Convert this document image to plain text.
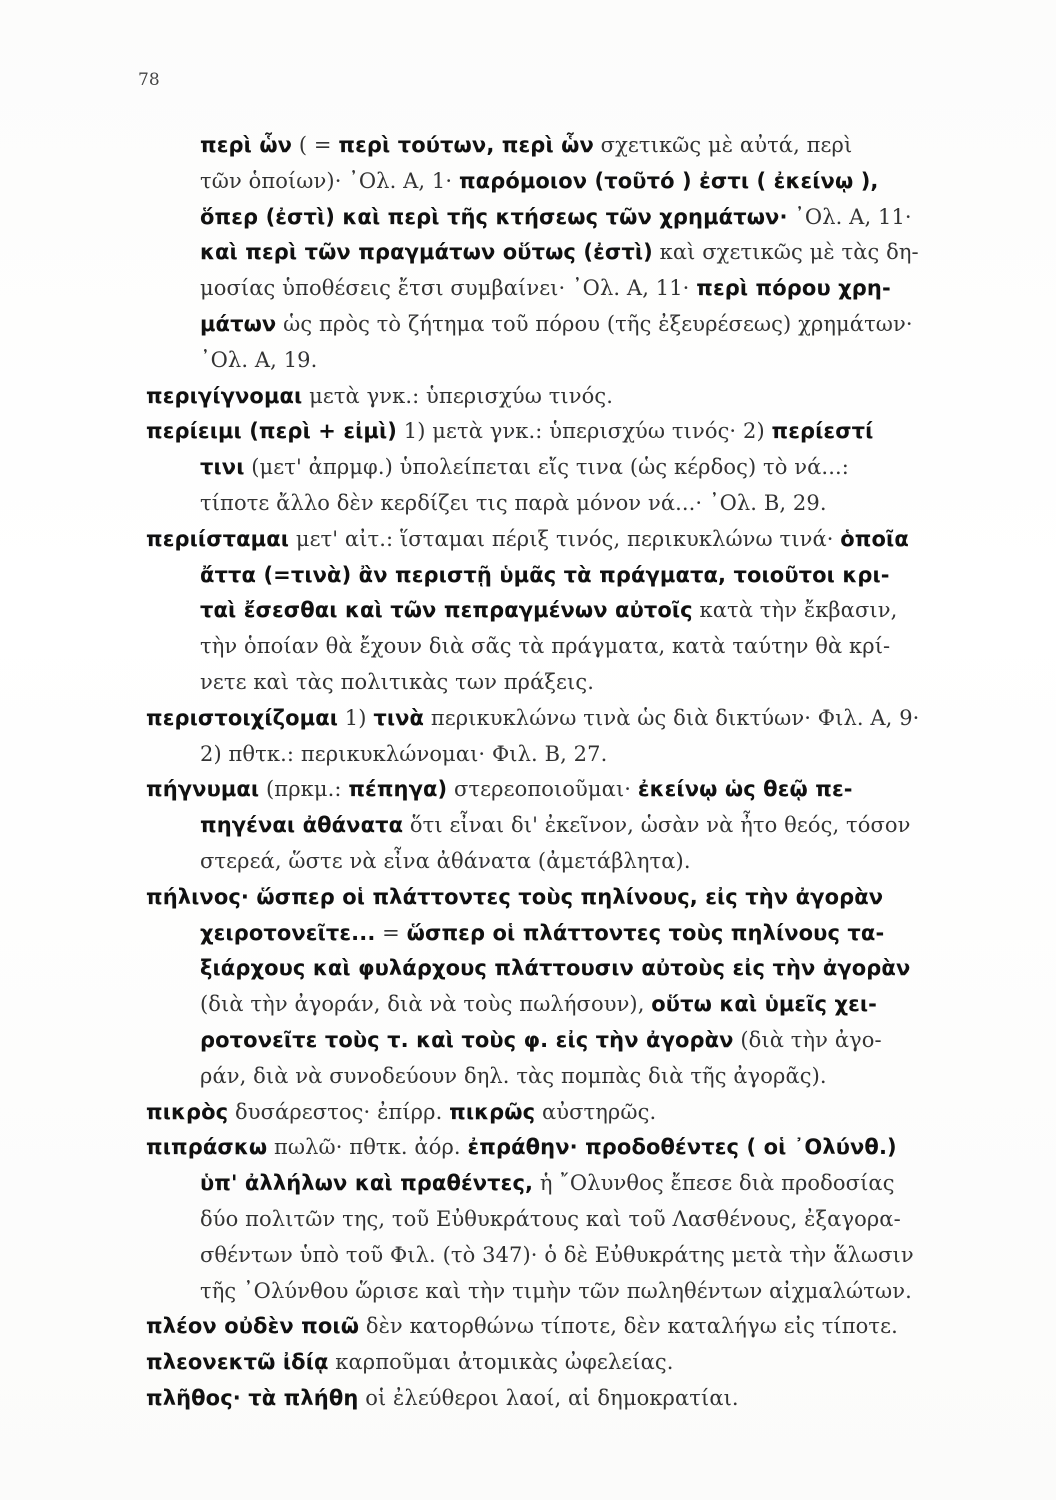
78
περὶ ὧν ( = περὶ τούτων, περὶ ὧν σχετικῶς μὲ αὐτά, περὶ
τῶν ὁποίων)· ᾽Ολ. Α, 1· παρόμοιον (τοῦτό ) ἐστι ( ἐκείνῳ ),
ὅπερ (ἐστὶ) καὶ περὶ τῆς κτήσεως τῶν χρημάτων· ᾽Ολ. Α, 11·
καὶ περὶ τῶν πραγμάτων οὕτως (ἐστὶ) καὶ σχετικῶς μὲ τὰς δη-
μοσίας ὑποθέσεις ἔτσι συμβαίνει· ᾽Ολ. Α, 11· περὶ πόρου χρη-
μάτων ὡς πρὸς τὸ ζήτημα τοῦ πόρου (τῆς ἐξευρέσεως) χρημάτων·
᾽Ολ. Α, 19.
περιγίγνομαι μετὰ γνκ.: ὑπερισχύω τινός.
περίειμι (περὶ + εἰμὶ) 1) μετὰ γνκ.: ὑπερισχύω τινός· 2) περίεστί
τινι (μετ' ἀπρμφ.) ὑπολείπεται εἴς τινα (ὡς κέρδος) τὸ νά...:
τίποτε ἄλλο δὲν κερδίζει τις παρὰ μόνον νά...· ᾽Ολ. Β, 29.
περιίσταμαι μετ' αἰτ.: ἵσταμαι πέριξ τινός, περικυκλώνω τινά· ὁποῖα
ἄττα (=τινὰ) ἂν περιστῇ ὑμᾶς τὰ πράγματα, τοιοῦτοι κρι-
ταὶ ἔσεσθαι καὶ τῶν πεπραγμένων αὐτοῖς κατὰ τὴν ἔκβασιν,
τὴν ὁποίαν θὰ ἔχουν διὰ σᾶς τὰ πράγματα, κατὰ ταύτην θὰ κρί-
νετε καὶ τὰς πολιτικὰς των πράξεις.
περιστοιχίζομαι 1) τινὰ περικυκλώνω τινὰ ὡς διὰ δικτύων· Φιλ. Α, 9·
2) πθτκ.: περικυκλώνομαι· Φιλ. Β, 27.
πήγνυμαι (πρκμ.: πέπηγα) στερεοποιοῦμαι· ἐκείνῳ ὡς θεῷ πε-
πηγέναι ἀθάνατα ὅτι εἶναι δι' ἐκεῖνον, ὡσὰν νὰ ἦτο θεός, τόσον
στερεά, ὥστε νὰ εἶνα ἀθάνατα (ἀμετάβλητα).
πήλινος· ὥσπερ οἱ πλάττοντες τοὺς πηλίνους, εἰς τὴν ἀγορὰν
χειροτονεῖτε... = ὥσπερ οἱ πλάττοντες τοὺς πηλίνους τα-
ξιάρχους καὶ φυλάρχους πλάττουσιν αὐτοὺς εἰς τὴν ἀγορὰν
(διὰ τὴν ἀγοράν, διὰ νὰ τοὺς πωλήσουν), οὕτω καὶ ὑμεῖς χει-
ροτονεῖτε τοὺς τ. καὶ τοὺς φ. εἰς τὴν ἀγορὰν (διὰ τὴν ἀγο-
ράν, διὰ νὰ συνοδεύουν δηλ. τὰς πομπὰς διὰ τῆς ἀγορᾶς).
πικρὸς δυσάρεστος· ἐπίρρ. πικρῶς αὐστηρῶς.
πιπράσκω πωλῶ· πθτκ. ἀόρ. ἐπράθην· προδοθέντες ( οἱ ᾽Ολύνθ.)
ὑπ' ἀλλήλων καὶ πραθέντες, ἡ ῎Ολυνθος ἔπεσε διὰ προδοσίας
δύο πολιτῶν της, τοῦ Εὐθυκράτους καὶ τοῦ Λασθένους, ἐξαγορα-
σθέντων ὑπὸ τοῦ Φιλ. (τὸ 347)· ὁ δὲ Εὐθυκράτης μετὰ τὴν ἅλωσιν
τῆς ᾽Ολύνθου ὥρισε καὶ τὴν τιμὴν τῶν πωληθέντων αἰχμαλώτων.
πλέον οὐδὲν ποιῶ δὲν κατορθώνω τίποτε, δὲν καταλήγω εἰς τίποτε.
πλεονεκτῶ ἰδίᾳ καρποῦμαι ἀτομικὰς ὠφελείας.
πλῆθος· τὰ πλήθη οἱ ἐλεύθεροι λαοί, αἱ δημοκρατίαι.
